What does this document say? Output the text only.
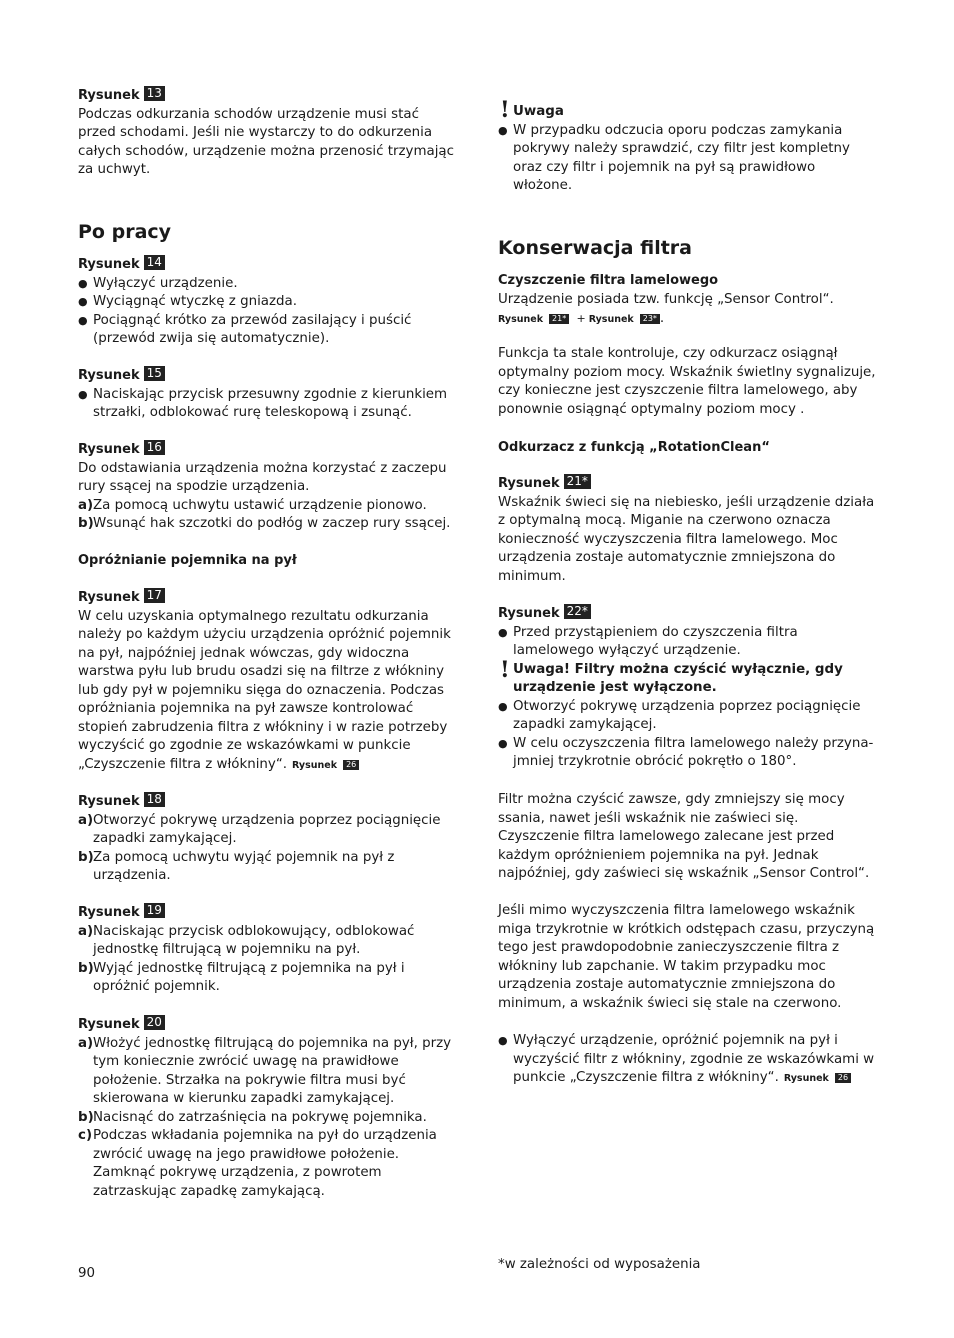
Rysunek 13

Podczas odkurzania schodów urządzenie musi stać przed schodami. Jeśli nie wystarczy to do odkurzenia całych schodów, urządzenie można przenosić trzymając za uchwyt.

Po pracy

Rysunek 14
● Wyłączyć urządzenie.
● Wyciągnąć wtyczkę z gniazda.
● Pociągnąć krótko za przewód zasilający i puścić (przewód zwija się automatycznie).
Rysunek 15
● Naciskając przycisk przesuwny zgodnie z kierunkiem strzałki, odblokować rurę teleskopową i zsunąć.
Rysunek 16

Do odstawiania urządzenia można korzystać z zaczepu rury ssącej na spodzie urządzenia.

a) Za pomocą uchwytu ustawić urządzenie pionowo.
b) Wsunąć hak szczotki do podłóg w zaczep rury ssącej.

Opróżnianie pojemnika na pył

Rysunek 17

W celu uzyskania optymalnego rezultatu odkurzania należy po każdym użyciu urządzenia opróżnić pojemnik na pył, najpóźniej jednak wówczas, gdy widoczna warstwa pyłu lub brudu osadzi się na filtrze z włókniny lub gdy pył w pojemniku sięga do oznaczenia. Podczas opróżniania pojemnika na pył zawsze kontrolować stopień zabrudzenia filtra z włókniny i w razie potrzeby wyczyścić go zgodnie ze wskazówkami w punkcie „Czyszczenie filtra z włókniny“. Rysunek 26

Rysunek 18
a) Otworzyć pokrywę urządzenia poprzez pociągnięcie zapadki zamykającej.
b) Za pomocą uchwytu wyjąć pojemnik na pył z urządzenia.
Rysunek 19
a) Naciskając przycisk odblokowujący, odblokować jednostkę filtrującą w pojemniku na pył.
b) Wyjąć jednostkę filtrującą z pojemnika na pył i opróżnić pojemnik.
Rysunek 20
a) Włożyć jednostkę filtrującą do pojemnika na pył, przy tym koniecznie zwrócić uwagę na prawidłowe położenie. Strzałka na pokrywie filtra musi być skierowana w kierunku zapadki zamykającej.
b) Nacisnąć do zatrzaśnięcia na pokrywę pojemnika.
c) Podczas wkładania pojemnika na pył do urządzenia zwrócić uwagę na jego prawidłowe położenie. Zamknąć pokrywę urządzenia, z powrotem zatrzaskując zapadkę zamykającą.
! Uwaga
● W przypadku odczucia oporu podczas zamykania pokrywy należy sprawdzić, czy filtr jest kompletny oraz czy filtr i pojemnik na pył są prawidłowo włożone.

Konserwacja filtra

Czyszczenie filtra lamelowego

Urządzenie posiada tzw. funkcję „Sensor Control“.

Rysunek 21* + Rysunek 23* .

Funkcja ta stale kontroluje, czy odkurzacz osiągnął optymalny poziom mocy. Wskaźnik świetlny sygnalizuje, czy konieczne jest czyszczenie filtra lamelowego, aby ponownie osiągnąć optymalny poziom mocy .

Odkurzacz z funkcją „RotationClean“

Rysunek 21*

Wskaźnik świeci się na niebiesko, jeśli urządzenie działa z optymalną mocą. Miganie na czerwono oznacza konieczność wyczyszczenia filtra lamelowego. Moc urządzenia zostaje automatycznie zmniejszona do minimum.

Rysunek 22*
● Przed przystąpieniem do czyszczenia filtra lamelowego wyłączyć urządzenie.
! Uwaga! Filtry można czyścić wyłącznie, gdy urządzenie jest wyłączone.
● Otworzyć pokrywę urządzenia poprzez pociągnięcie zapadki zamykającej.
● W celu oczyszczenia filtra lamelowego należy przynajmniej trzykrotnie obrócić pokrętło o 180°.

Filtr można czyścić zawsze, gdy zmniejszy się mocy ssania, nawet jeśli wskaźnik nie zaświeci się. Czyszczenie filtra lamelowego zalecane jest przed każdym opróżnieniem pojemnika na pył. Jednak najpóźniej, gdy zaświeci się wskaźnik „Sensor Control“.

Jeśli mimo wyczyszczenia filtra lamelowego wskaźnik miga trzykrotnie w krótkich odstępach czasu, przyczyną tego jest prawdopodobnie zanieczyszczenie filtra z włókniny lub zapchanie. W takim przypadku moc urządzenia zostaje automatycznie zmniejszona do minimum, a wskaźnik świeci się stale na czerwono.

● Wyłączyć urządzenie, opróżnić pojemnik na pył i wyczyścić filtr z włókniny, zgodnie ze wskazówkami w punkcie „Czyszczenie filtra z włókniny“. Rysunek 26
90
*w zależności od wyposażenia
